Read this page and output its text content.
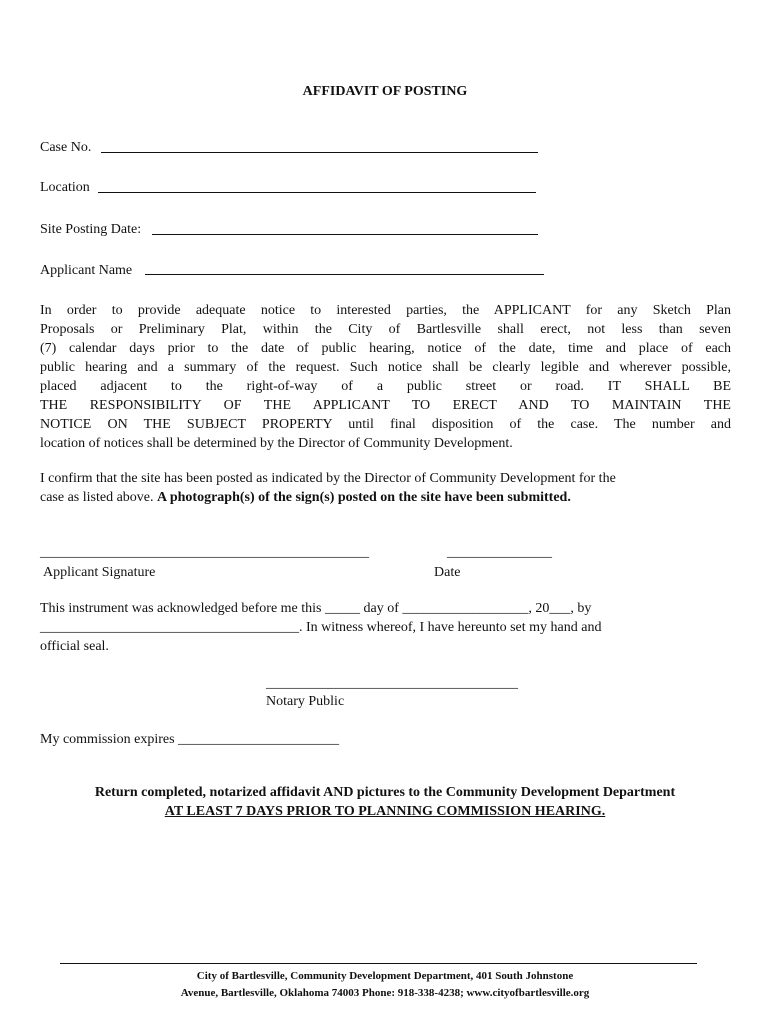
AFFIDAVIT OF POSTING
Case No.
Location
Site Posting Date:
Applicant Name
In order to provide adequate notice to interested parties, the APPLICANT for any Sketch Plan
Proposals or Preliminary Plat, within the City of Bartlesville shall erect, not less than seven
(7) calendar days prior to the date of public hearing, notice of the date, time and place of each
public hearing and a summary of the request. Such notice shall be clearly legible and wherever possible,
placed adjacent to the right-of-way of a public street or road. IT SHALL BE
THE RESPONSIBILITY OF THE APPLICANT TO ERECT AND TO MAINTAIN THE
NOTICE ON THE SUBJECT PROPERTY until final disposition of the case. The number and
location of notices shall be determined by the Director of Community Development.
I confirm that the site has been posted as indicated by the Director of Community Development for the
case as listed above. A photograph(s) of the sign(s) posted on the site have been submitted.
_______________________________________________	_______________
Applicant Signature	Date
This instrument was acknowledged before me this _____ day of __________________, 20___, by
_____________________________________. In witness whereof, I have hereunto set my hand and
official seal.
____________________________________
Notary Public
My commission expires _______________________
Return completed, notarized affidavit AND pictures to the Community Development Department
AT LEAST 7 DAYS PRIOR TO PLANNING COMMISSION HEARING.
City of Bartlesville, Community Development Department, 401 South Johnstone
Avenue, Bartlesville, Oklahoma 74003 Phone: 918-338-4238; www.cityofbartlesville.org
